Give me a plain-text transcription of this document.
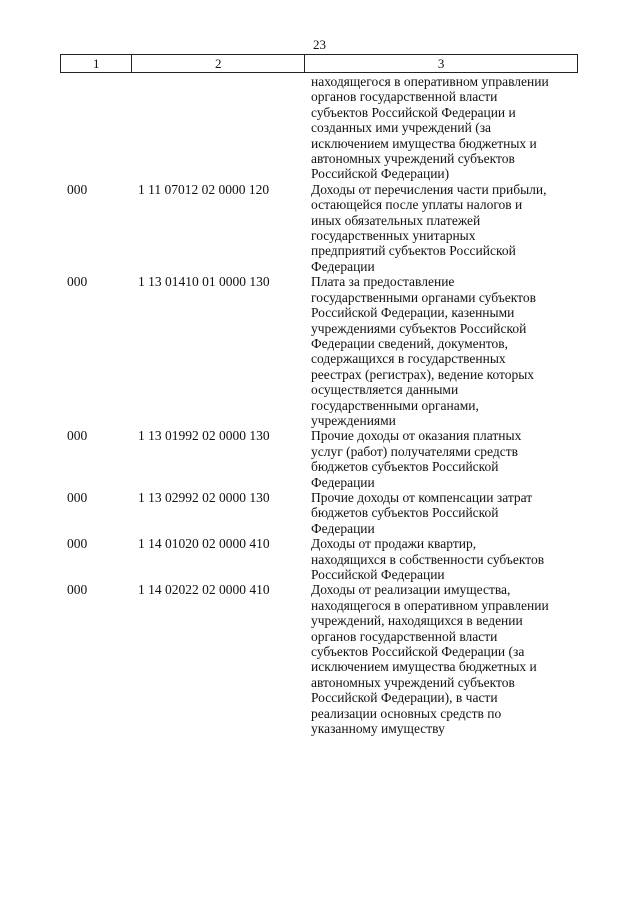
23
1	2	3
находящегося в оперативном управлении
органов государственной власти
субъектов Российской Федерации и
созданных ими учреждений (за
исключением имущества бюджетных и
автономных учреждений субъектов
Российской Федерации)
000	1 11 07012 02 0000 120	Доходы от перечисления части прибыли,
остающейся после уплаты налогов и
иных обязательных платежей
государственных унитарных
предприятий субъектов Российской
Федерации
000	1 13 01410 01 0000 130	Плата за предоставление
государственными органами субъектов
Российской Федерации, казенными
учреждениями субъектов Российской
Федерации сведений, документов,
содержащихся в государственных
реестрах (регистрах), ведение которых
осуществляется данными
государственными органами,
учреждениями
000	1 13 01992 02 0000 130	Прочие доходы от оказания платных
услуг (работ) получателями средств
бюджетов субъектов Российской
Федерации
000	1 13 02992 02 0000 130	Прочие доходы от компенсации затрат
бюджетов субъектов Российской
Федерации
000	1 14 01020 02 0000 410	Доходы от продажи квартир,
находящихся в собственности субъектов
Российской Федерации
000	1 14 02022 02 0000 410	Доходы от реализации имущества,
находящегося в оперативном управлении
учреждений, находящихся в ведении
органов государственной власти
субъектов Российской Федерации (за
исключением имущества бюджетных и
автономных учреждений субъектов
Российской Федерации), в части
реализации основных средств по
указанному имуществу
